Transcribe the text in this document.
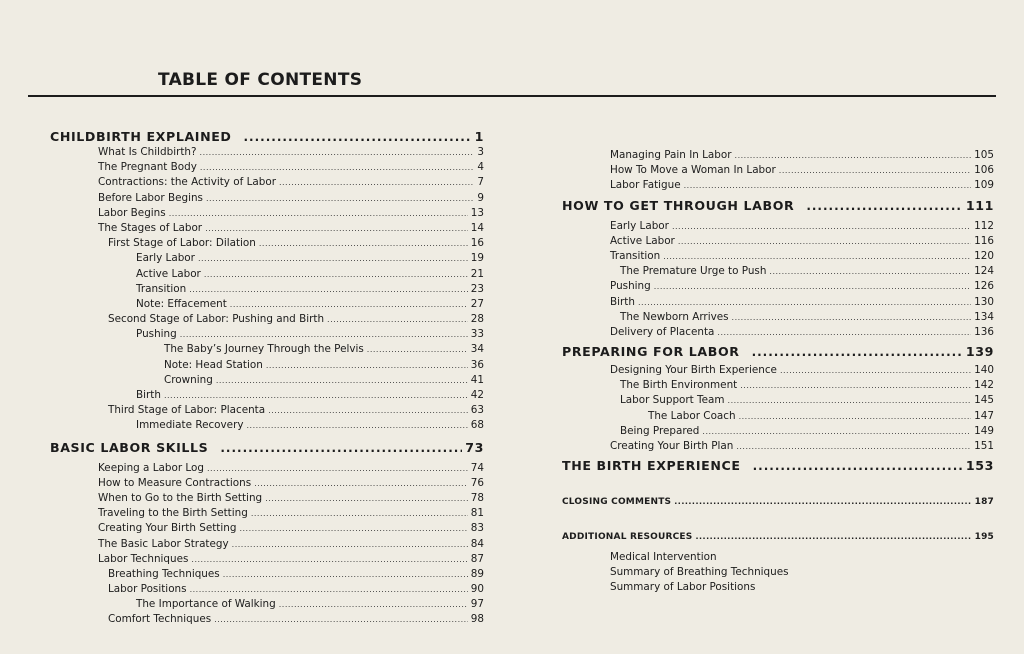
TABLE OF CONTENTS
CHILDBIRTH EXPLAINED .....	1
What Is Childbirth? .....	3
The Pregnant Body .....	4
Contractions: the Activity of Labor .....	7
Before Labor Begins .....	9
Labor Begins .....	13
The Stages of Labor .....	14
First Stage of Labor: Dilation .....	16
Early Labor .....	19
Active Labor .....	21
Transition .....	23
Note: Effacement .....	27
Second Stage of Labor: Pushing and Birth .....	28
Pushing .....	33
The Baby’s Journey Through the Pelvis .....	34
Note: Head Station .....	36
Crowning .....	41
Birth .....	42
Third Stage of Labor: Placenta .....	63
Immediate Recovery .....	68
BASIC LABOR SKILLS .....	73
Keeping a Labor Log .....	74
How to Measure Contractions .....	76
When to Go to the Birth Setting .....	78
Traveling to the Birth Setting .....	81
Creating Your Birth Setting .....	83
The Basic Labor Strategy .....	84
Labor Techniques .....	87
Breathing Techniques .....	89
Labor Positions .....	90
The Importance of Walking .....	97
Comfort Techniques .....	98
Managing Pain In Labor .....	105
How To Move a Woman In Labor .....	106
Labor Fatigue .....	109
HOW TO GET THROUGH LABOR .....	111
Early Labor .....	112
Active Labor .....	116
Transition .....	120
The Premature Urge to Push .....	124
Pushing .....	126
Birth .....	130
The Newborn Arrives .....	134
Delivery of Placenta .....	136
PREPARING FOR LABOR .....	139
Designing Your Birth Experience .....	140
The Birth Environment .....	142
Labor Support Team .....	145
The Labor Coach .....	147
Being Prepared .....	149
Creating Your Birth Plan .....	151
THE BIRTH EXPERIENCE .....	153
CLOSING COMMENTS .....	187
ADDITIONAL RESOURCES .....	195
Medical Intervention
Summary of Breathing Techniques
Summary of Labor Positions
